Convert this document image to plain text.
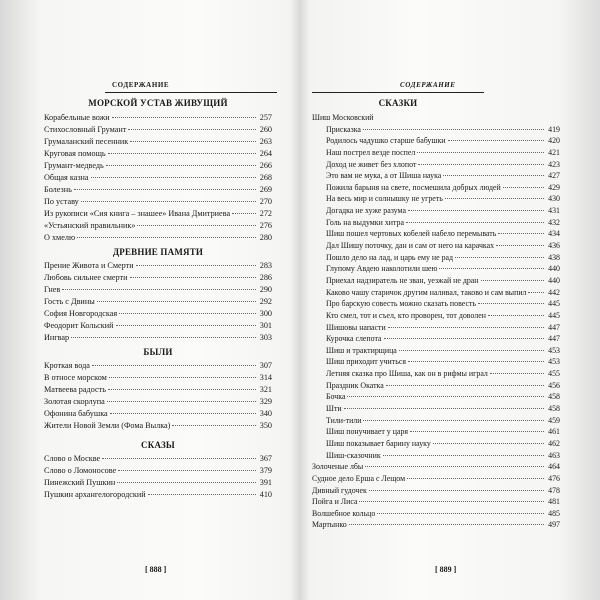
СОДЕРЖАНИЕ
МОРСКОЙ УСТАВ ЖИВУЩИЙ
Корабельные вожи	257
Стихословный Грумант	260
Грумаланский песенник	263
Круговая помощь	264
Грумант-медведь	266
Общая казна	268
Болезнь	269
По уставу	270
Из рукописи «Сия книга – знашее» Ивана Дмитриева	272
«Устьянский правильник»	276
О хмелю	280
ДРЕВНИЕ ПАМЯТИ
Прение Живота и Смерти	283
Любовь сильнее смерти	286
Гнев	290
Гость с Двины	292
София Новгородская	300
Феодорит Кольский	301
Ингвар	303
БЫЛИ
Кроткая вода	307
В относе морском	314
Матвеева радость	321
Золотая скорлупа	329
Офонина бабушка	340
Жители Новой Земли (Фома Вылка)	350
СКАЗЫ
Слово о Москве	367
Слово о Ломоносове	379
Пинежский Пушкин	391
Пушкин архангелогородский	410
[ 888 ]
СОДЕРЖАНИЕ
СКАЗКИ
Шиш Московский
Присказка	419
Родилось чадушко старше бабушки	420
Наш пострел везде поспел	421
Доход не живет без хлопот	423
Это вам не мука, а от Шиша наука	427
Пожила барыня на свете, посмешила добрых людей	429
На весь мир и солнышку не угреть	430
Догадка не хуже разума	431
Голь на выдумки хитра	432
Шиш пошел чертовых кобелей набело перемывать	434
Дал Шишу поточку, дан и сам от него на карачках	436
Пошло дело на лад, и царь ему не рад	438
Глупому Авдею наколотили шею	440
Приехал надзиратель не зван, уезжай не дран	440
Каково чашу старичок другим наливал, таково и сам выпил	442
Про барскую совесть можно сказать повесть	445
Кто смел, тот и съел, кто проворен, тот доволен	445
Шишовы напасти	447
Курочка слепота	447
Шиш и трактирщица	453
Шиш приходит учиться	453
Летняя сказка про Шиша, как он в рифмы играл	455
Праздник Окатка	456
Бочка	458
Шти	458
Тили-тили	459
Шиш понучивает у царя	461
Шиш показывает барину науку	462
Шиш-сказочник	463
Золоченые лбы	464
Судное дело Ерша с Лещом	476
Дивный гудочек	478
Пойга и Лиса	481
Волшебное кольцо	485
Мартынко	497
[ 889 ]
